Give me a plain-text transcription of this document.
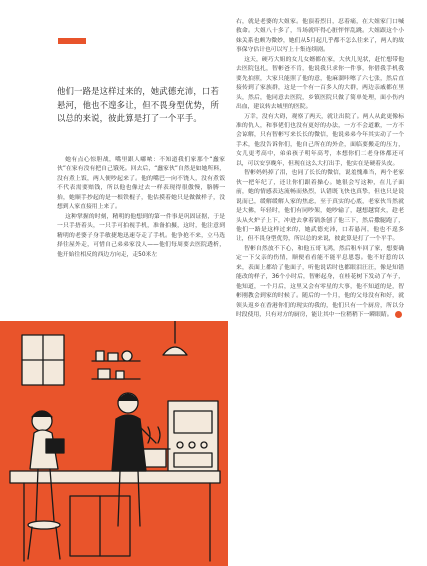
他们一路是这样过来的，她武德充沛，口若悬河，他也不遑多让，但不畏身型优势，所以总的来说，彼此算是打了一个平手。

她有点心惊胆战，嘴里跟人嘟哝：不知道我们家那个“蠢家伙”在家有没有把自己饿死。回去后，“蠢家伙”自然是如她所料，没有煮上饭，两人便吵起来了。他的嘴巴一向不饶人，没有煮饭不代表需要赔钱，所以他也像过去一样表现得很傲慢，胳膊一抬，她顺手抄起的是一根铁棍子，他估摸着她只是做做样子，没想到人家直接用上来了。

这种掌握的时刻，精明的他想到的第一件事是巩固证据，于是一只手捂着头，一只手可拍视手机，准备拍摄，这时，他注意到精明的老婆子身手敏捷地迅速夺走了手机。他争抢不来，立马选择往屋外走，可惜自己弟弟家没人——他们每周要去医院透析，他开始往相反的西边方向走，走50米左

右，就是老婆的大姐家。他頂着烈日，忍着痛，在大姐家门口喊救命。大姐八十多了，当场就吓得心脏怦怦乱跳。大姐跟这个小妹关系也颇为微妙，她们从5月起几乎都不怎么往来了，两人的故事保守估计也可以写上十集连续剧。

这天，硬巧大姐的女儿女婿都在家，大伙儿见状，赶忙想带他去医院包扎，智彬爸不肯，他说我只求你一件事，你借我手机我要先拍照，大家只能照了他的意，他麻溜咔嚓了六七张，然后直接传到了家族群，这是一个有一百多人的大群，两边亲戚都在里头，然后，他同意去医院，乡镇医院只做了简单处理，面小伤内出血，建议转去城里的医院。

万幸，没有大碍，观察了两天，就让出院了。两人从此更像标准的仇人，和事佬们也没有更好的办法，一方不会道歉，一方不会谅解，只有智彬写来长长的微信，他说弟弟今年其实动了一个手术，他没告诉你们，他自己所在的外企，面临要搬走的压力，女儿更考高中，弟弟孩子明年高考，本想你们二老身体都还可以，可以安享晚年，但现在这么大打出手，他实在是硬着头皮。

智彬妈妈掉了泪，也同了长长的微信，说羞愧难当，两个老家伙一把年纪了，还让你们跟着操心。她很会写这种，在儿子面前，她的情感表达流畅而热烈，认错既飞快也真挚，但也只是说说而已，缓解缓解人家的焦虑，至于真实的心底，老家伙当然就是大佛，年轻时，他们有同吵架，她吵输了，越想越窝火，趁老头从火炉子上下，冲进去拿着锅条刨了他三下，然后撒腿跑了，他们一路是这样过来的，她武德充沛，口若悬河，他也不遑多让，但不畏身型优势，所以总的来说，彼此算是打了一个平手。

智彬自然放不下心，和他五哥飞鸿，然后租车回了家，想要确定一下父亲的伤情，顺便看看能不能平息恩怨。他不好惹的以来，表面上都给了他面子，听他说话时也都眼泪汪汪，像是知错能改的样子，36个小时后，智彬起身，在桂花树下发动了车子，他知道，一个月后，这里又会有零星的大事，他不知道的是，智彬刚教会到家的时候了。随后的一个月，他的父母没有和好，就领头返乡在香港你们的现实的我的，他们只有一个厨房，所以分时段使用，只有对方的厨房，能让其中一位稍稍下一瞬眼睛。 回
